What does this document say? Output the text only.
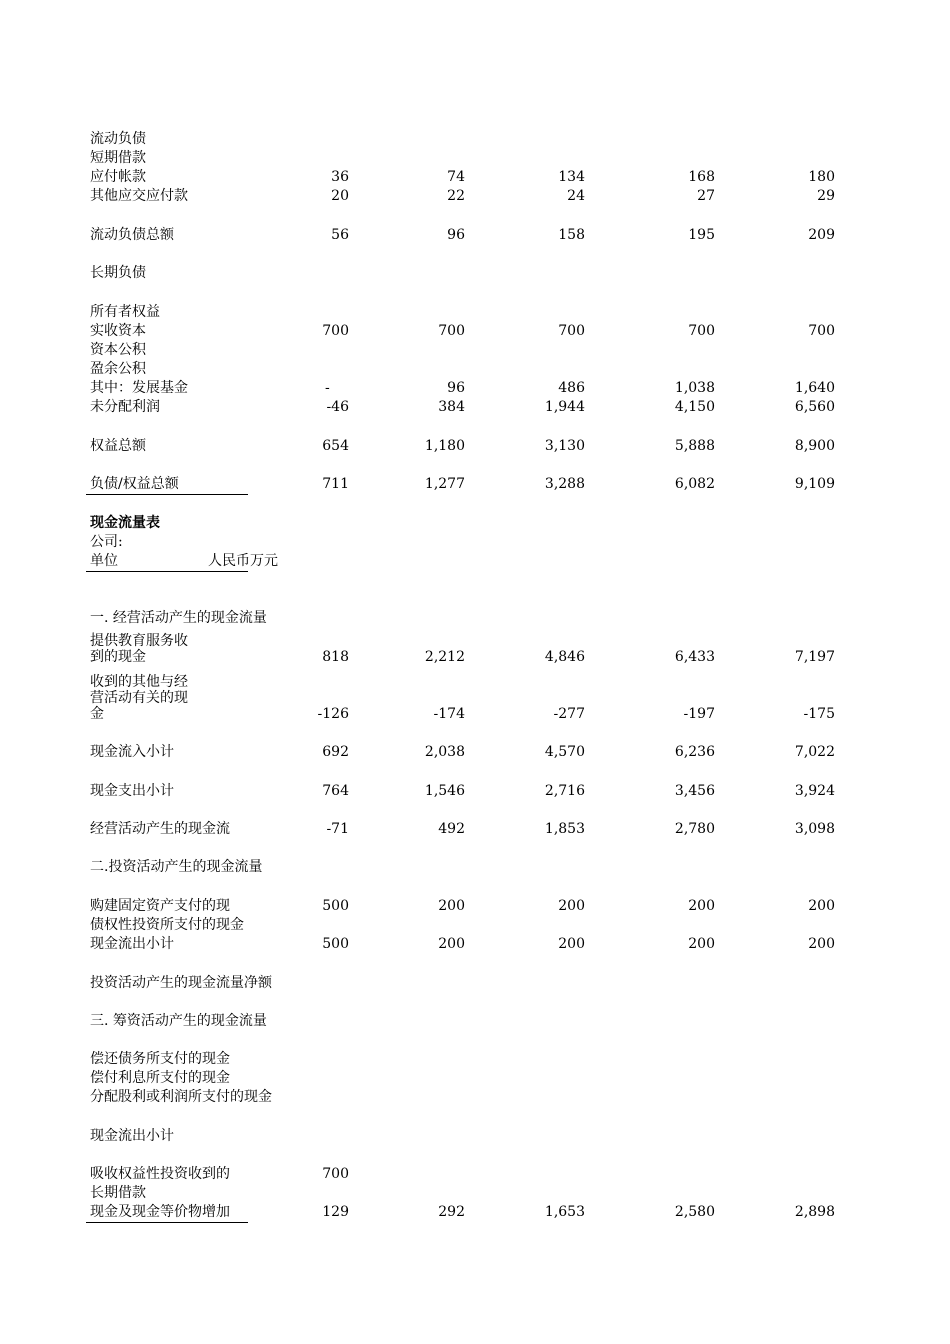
流动负债
短期借款
应付帐款	36	74	134	168	180
其他应交应付款	20	22	24	27	29
流动负债总额	56	96	158	195	209
长期负债
所有者权益
实收资本	700	700	700	700	700
资本公积
盈余公积
其中：发展基金	-	96	486	1,038	1,640
未分配利润	-46	384	1,944	4,150	6,560
权益总额	654	1,180	3,130	5,888	8,900
负债/权益总额	711	1,277	3,288	6,082	9,109
现金流量表
公司:
单位	人民币万元
一. 经营活动产生的现金流量
提供教育服务收
到的现金	818	2,212	4,846	6,433	7,197
收到的其他与经
营活动有关的现
金	-126	-174	-277	-197	-175
现金流入小计	692	2,038	4,570	6,236	7,022
现金支出小计	764	1,546	2,716	3,456	3,924
经营活动产生的现金流	-71	492	1,853	2,780	3,098
二.投资活动产生的现金流量
购建固定资产支付的现	500	200	200	200	200
债权性投资所支付的现金
现金流出小计	500	200	200	200	200
投资活动产生的现金流量净额
三. 筹资活动产生的现金流量
偿还债务所支付的现金
偿付利息所支付的现金
分配股利或利润所支付的现金
现金流出小计
吸收权益性投资收到的	700
长期借款
现金及现金等价物增加	129	292	1,653	2,580	2,898
